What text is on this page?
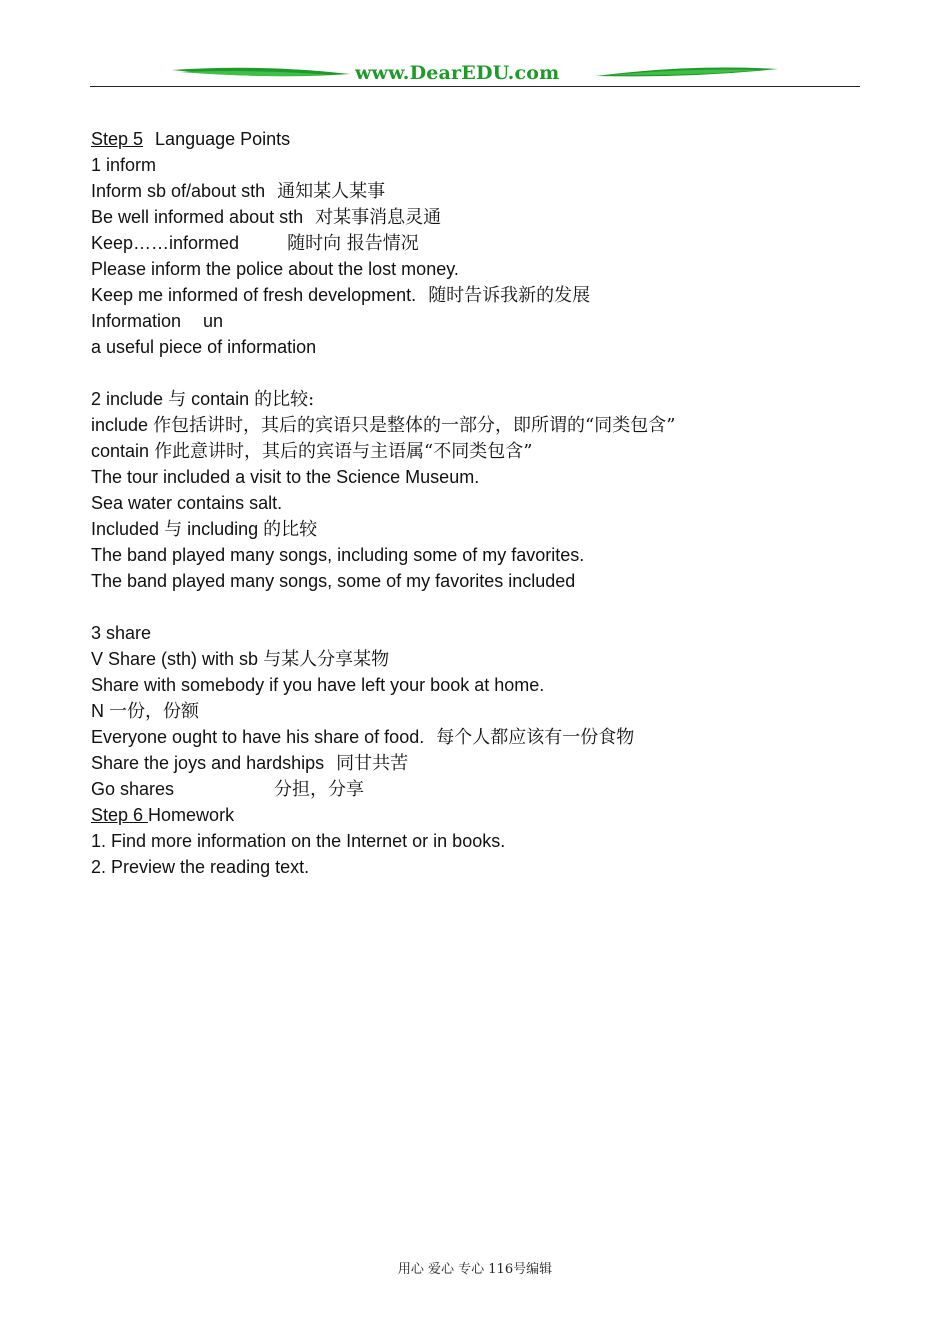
www.DearEDU.com
Step 5 Language Points
1 inform
Inform sb of/about sth 通知某人某事
Be well informed about sth 对某事消息灵通
Keep……informed	随时向 报告情况
Please inform the police about the lost money.
Keep me informed of fresh development. 随时告诉我新的发展
Information un
a useful piece of information
2 include 与 contain 的比较:
include 作包括讲时，其后的宾语只是整体的一部分，即所谓的“同类包含”
contain 作此意讲时，其后的宾语与主语属“不同类包含”
The tour included a visit to the Science Museum.
Sea water contains salt.
Included 与 including 的比较
The band played many songs, including some of my favorites.
The band played many songs, some of my favorites included
3 share
V Share (sth) with sb 与某人分享某物
Share with somebody if you have left your book at home.
N 一份，份额
Everyone ought to have his share of food. 每个人都应该有一份食物
Share the joys and hardships 同甘共苦
Go shares	分担，分享
Step 6 Homework
1. Find more information on the Internet or in books.
2. Preview the reading text.
用心 爱心 专心 116号编辑
